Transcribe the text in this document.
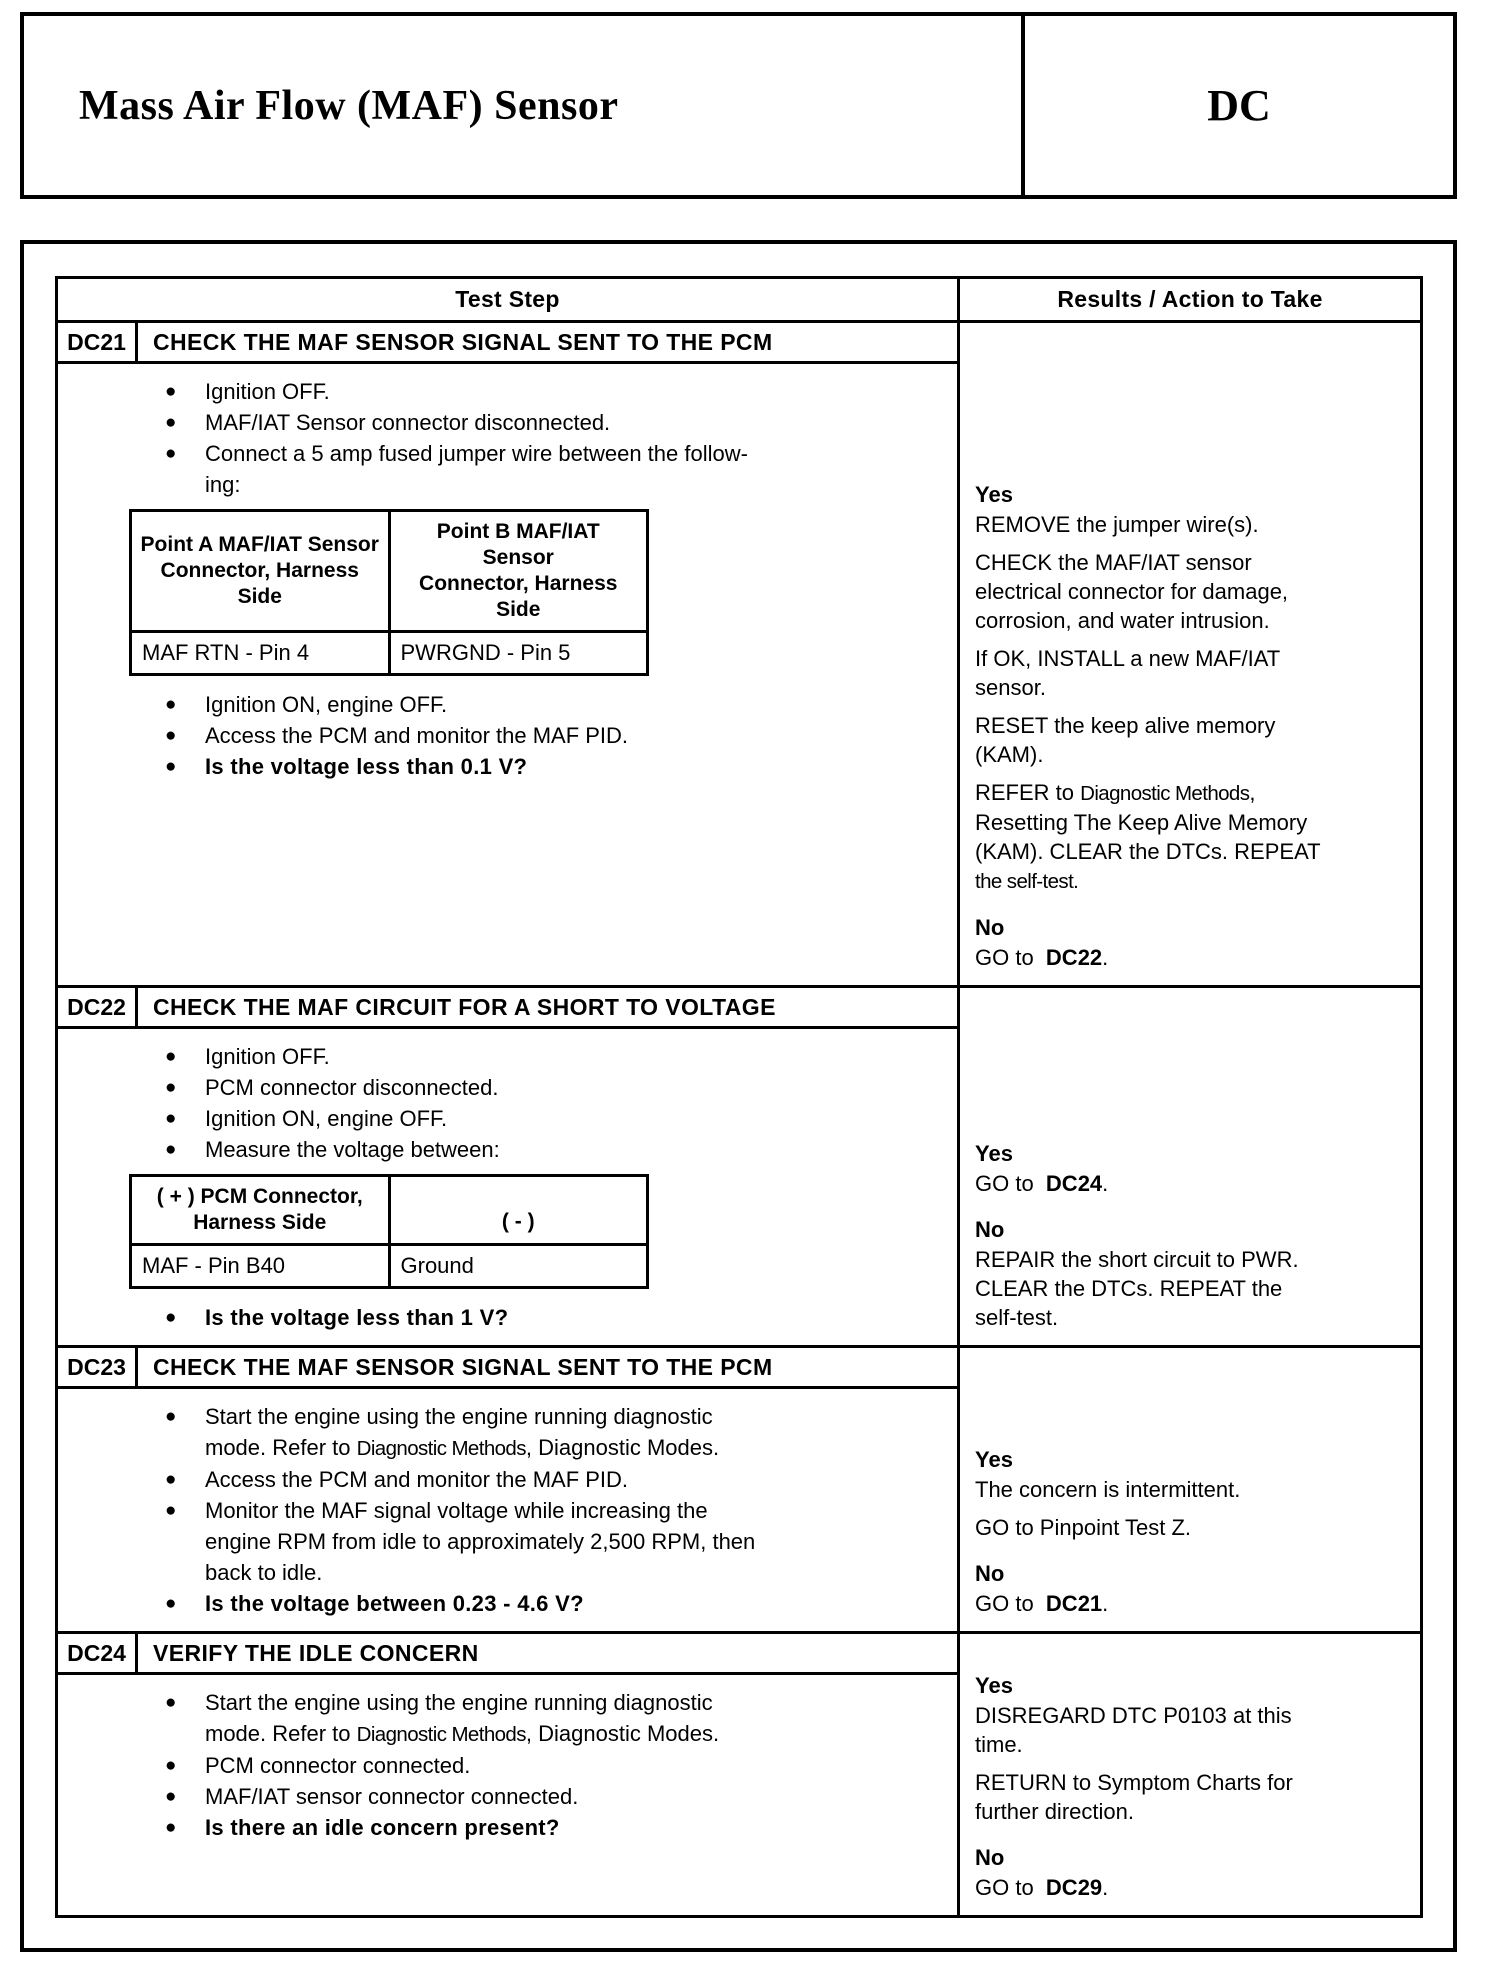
Mass Air Flow (MAF) Sensor	DC
Test Step	Results / Action to Take
DC21	CHECK THE MAF SENSOR SIGNAL SENT TO THE PCM
●	Ignition OFF.
●	MAF/IAT Sensor connector disconnected.
●	Connect a 5 amp fused jumper wire between the follow-
ing:
Point A MAF/IAT Sensor
Connector, Harness
Side	Point B MAF/IAT Sensor
Connector, Harness
Side
MAF RTN - Pin 4	PWRGND - Pin 5
●	Ignition ON, engine OFF.
●	Access the PCM and monitor the MAF PID.
●	Is the voltage less than 0.1 V?
Yes
REMOVE the jumper wire(s).
CHECK the MAF/IAT sensor
electrical connector for damage,
corrosion, and water intrusion.
If OK, INSTALL a new MAF/IAT
sensor.
RESET the keep alive memory
(KAM).
REFER to Diagnostic Methods,
Resetting The Keep Alive Memory
(KAM). CLEAR the DTCs. REPEAT
the self-test.
No
GO to  DC22.
DC22	CHECK THE MAF CIRCUIT FOR A SHORT TO VOLTAGE
●	Ignition OFF.
●	PCM connector disconnected.
●	Ignition ON, engine OFF.
●	Measure the voltage between:
( + ) PCM Connector,
Harness Side	( - )
MAF - Pin B40	Ground
●	Is the voltage less than 1 V?
Yes
GO to  DC24.
No
REPAIR the short circuit to PWR.
CLEAR the DTCs. REPEAT the
self-test.
DC23	CHECK THE MAF SENSOR SIGNAL SENT TO THE PCM
●	Start the engine using the engine running diagnostic
mode. Refer to Diagnostic Methods, Diagnostic Modes.
●	Access the PCM and monitor the MAF PID.
●	Monitor the MAF signal voltage while increasing the
engine RPM from idle to approximately 2,500 RPM, then
back to idle.
●	Is the voltage between 0.23 - 4.6 V?
Yes
The concern is intermittent.
GO to Pinpoint Test Z.
No
GO to  DC21.
DC24	VERIFY THE IDLE CONCERN
●	Start the engine using the engine running diagnostic
mode. Refer to Diagnostic Methods, Diagnostic Modes.
●	PCM connector connected.
●	MAF/IAT sensor connector connected.
●	Is there an idle concern present?
Yes
DISREGARD DTC P0103 at this
time.
RETURN to Symptom Charts for
further direction.
No
GO to  DC29.
